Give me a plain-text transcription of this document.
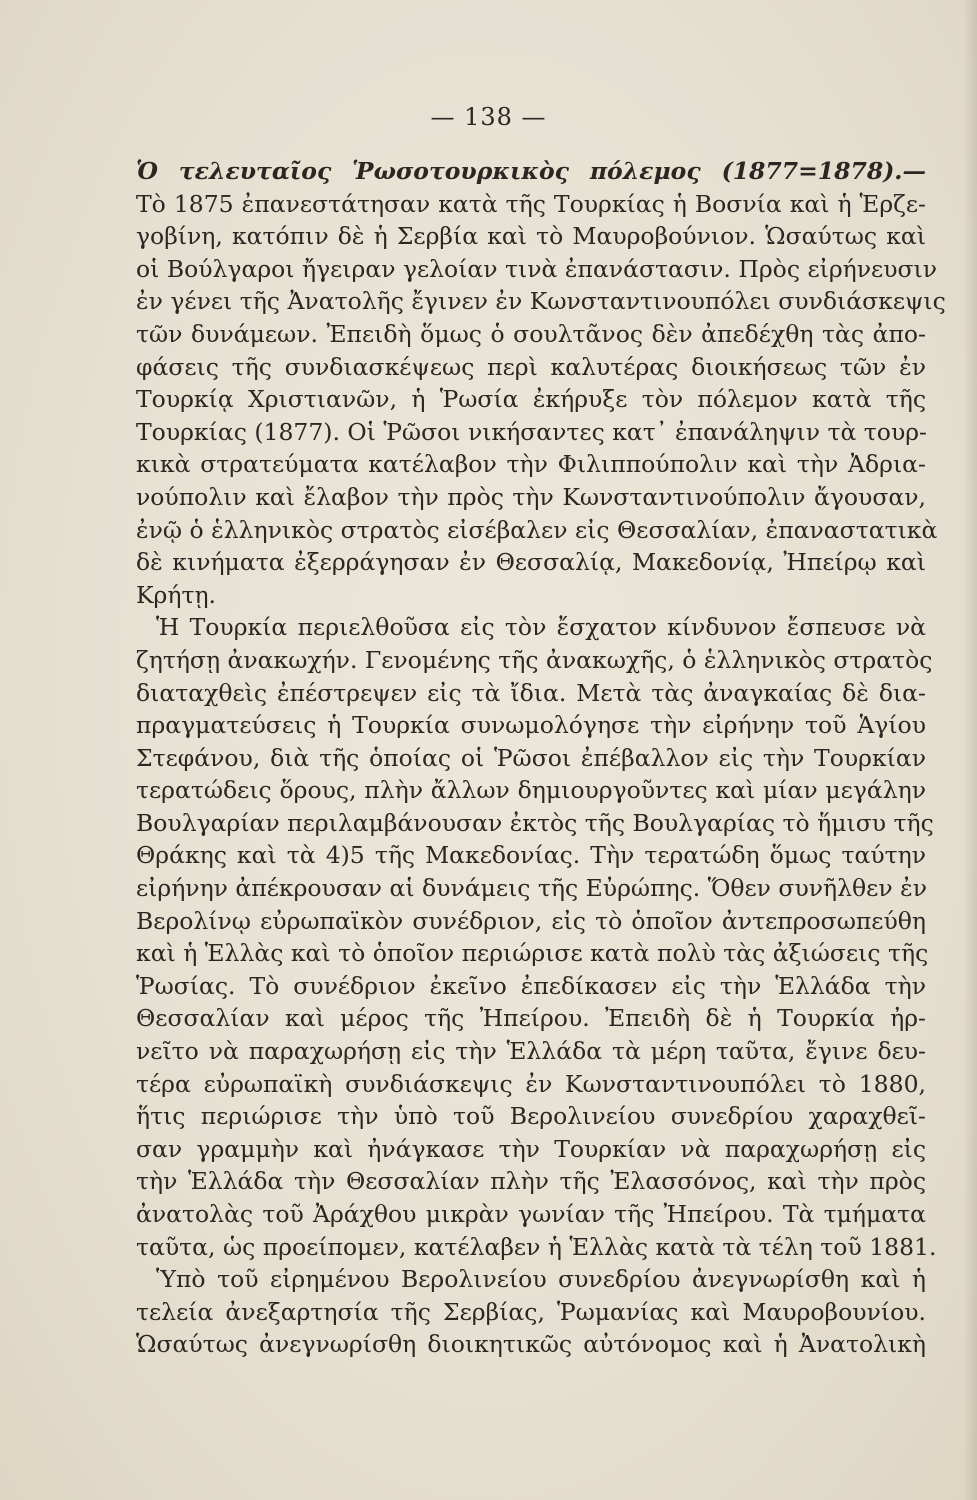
— 138 —
Ὁ τελευταῖος Ῥωσοτουρκικὸς πόλεμος (1877=1878).—
Τὸ 1875 ἐπανεστάτησαν κατὰ τῆς Τουρκίας ἡ Βοσνία καὶ ἡ Ἑρζε-
γοβίνη, κατόπιν δὲ ἡ Σερβία καὶ τὸ Μαυροβούνιον. Ὡσαύτως καὶ
οἱ Βούλγαροι ἤγειραν γελοίαν τινὰ ἐπανάστασιν. Πρὸς εἰρήνευσιν
ἐν γένει τῆς Ἀνατολῆς ἔγινεν ἐν Κωνσταντινουπόλει συνδιάσκεψις
τῶν δυνάμεων. Ἐπειδὴ ὅμως ὁ σουλτᾶνος δὲν ἀπεδέχθη τὰς ἀπο-
φάσεις τῆς συνδιασκέψεως περὶ καλυτέρας διοικήσεως τῶν ἐν
Τουρκίᾳ Χριστιανῶν, ἡ Ῥωσία ἐκήρυξε τὸν πόλεμον κατὰ τῆς
Τουρκίας (1877). Οἱ Ῥῶσοι νικήσαντες κατ᾽ ἐπανάληψιν τὰ τουρ-
κικὰ στρατεύματα κατέλαβον τὴν Φιλιππούπολιν καὶ τὴν Ἀδρια-
νούπολιν καὶ ἔλαβον τὴν πρὸς τὴν Κωνσταντινούπολιν ἄγουσαν,
ἐνῷ ὁ ἑλληνικὸς στρατὸς εἰσέβαλεν εἰς Θεσσαλίαν, ἐπαναστατικὰ
δὲ κινήματα ἐξερράγησαν ἐν Θεσσαλίᾳ, Μακεδονίᾳ, Ἠπείρῳ καὶ
Κρήτῃ.
Ἡ Τουρκία περιελθοῦσα εἰς τὸν ἔσχατον κίνδυνον ἔσπευσε νὰ
ζητήσῃ ἀνακωχήν. Γενομένης τῆς ἀνακωχῆς, ὁ ἑλληνικὸς στρατὸς
διαταχθεὶς ἐπέστρεψεν εἰς τὰ ἴδια. Μετὰ τὰς ἀναγκαίας δὲ δια-
πραγματεύσεις ἡ Τουρκία συνωμολόγησε τὴν εἰρήνην τοῦ Ἁγίου
Στεφάνου, διὰ τῆς ὁποίας οἱ Ῥῶσοι ἐπέβαλλον εἰς τὴν Τουρκίαν
τερατώδεις ὅρους, πλὴν ἄλλων δημιουργοῦντες καὶ μίαν μεγάλην
Βουλγαρίαν περιλαμβάνουσαν ἐκτὸς τῆς Βουλγαρίας τὸ ἥμισυ τῆς
Θράκης καὶ τὰ 4)5 τῆς Μακεδονίας. Τὴν τερατώδη ὅμως ταύτην
εἰρήνην ἀπέκρουσαν αἱ δυνάμεις τῆς Εὐρώπης. Ὅθεν συνῆλθεν ἐν
Βερολίνῳ εὐρωπαϊκὸν συνέδριον, εἰς τὸ ὁποῖον ἀντεπροσωπεύθη
καὶ ἡ Ἑλλὰς καὶ τὸ ὁποῖον περιώρισε κατὰ πολὺ τὰς ἀξιώσεις τῆς
Ῥωσίας. Τὸ συνέδριον ἐκεῖνο ἐπεδίκασεν εἰς τὴν Ἑλλάδα τὴν
Θεσσαλίαν καὶ μέρος τῆς Ἠπείρου. Ἐπειδὴ δὲ ἡ Τουρκία ἠρ-
νεῖτο νὰ παραχωρήσῃ εἰς τὴν Ἑλλάδα τὰ μέρη ταῦτα, ἔγινε δευ-
τέρα εὐρωπαϊκὴ συνδιάσκεψις ἐν Κωνσταντινουπόλει τὸ 1880,
ἥτις περιώρισε τὴν ὑπὸ τοῦ Βερολινείου συνεδρίου χαραχθεῖ-
σαν γραμμὴν καὶ ἠνάγκασε τὴν Τουρκίαν νὰ παραχωρήσῃ εἰς
τὴν Ἑλλάδα τὴν Θεσσαλίαν πλὴν τῆς Ἐλασσόνος, καὶ τὴν πρὸς
ἀνατολὰς τοῦ Ἀράχθου μικρὰν γωνίαν τῆς Ἠπείρου. Τὰ τμήματα
ταῦτα, ὡς προείπομεν, κατέλαβεν ἡ Ἑλλὰς κατὰ τὰ τέλη τοῦ 1881.
Ὑπὸ τοῦ εἰρημένου Βερολινείου συνεδρίου ἀνεγνωρίσθη καὶ ἡ
τελεία ἀνεξαρτησία τῆς Σερβίας, Ῥωμανίας καὶ Μαυροβουνίου.
Ὡσαύτως ἀνεγνωρίσθη διοικητικῶς αὐτόνομος καὶ ἡ Ἀνατολικὴ
